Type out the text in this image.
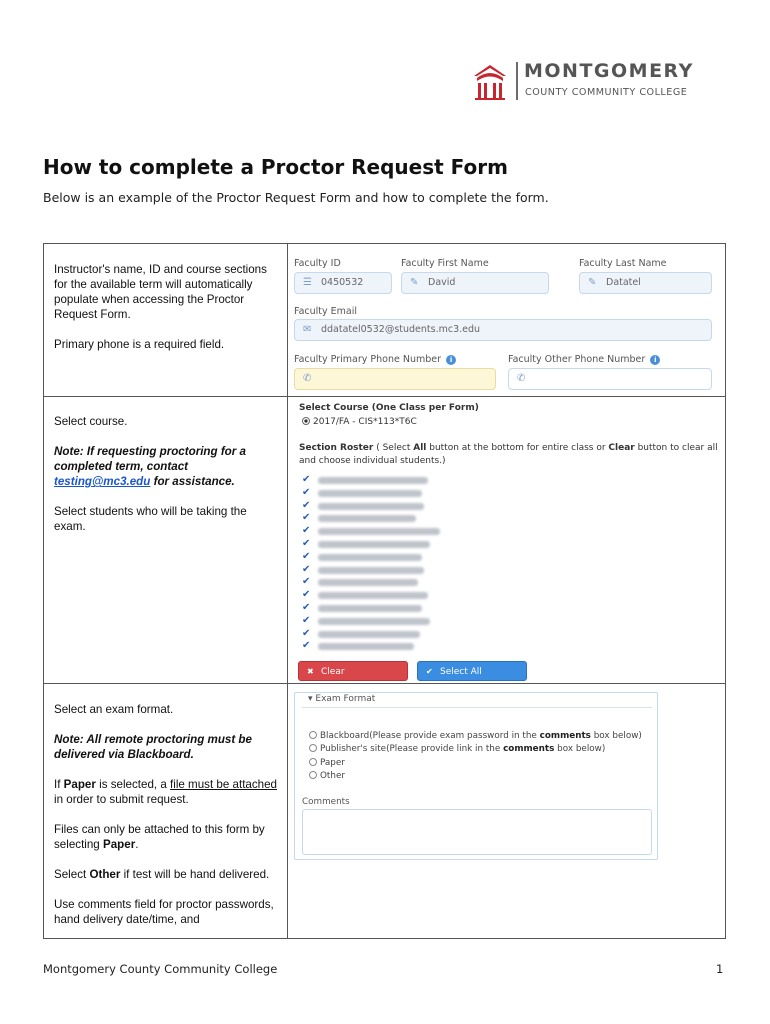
MONTGOMERY
COUNTY COMMUNITY COLLEGE
How to complete a Proctor Request Form
Below is an example of the Proctor Request Form and how to complete the form.

Instructor's name, ID and course sections for the available term will automatically populate when accessing the Proctor Request Form.

Primary phone is a required field.

Select course.

Note: If requesting proctoring for a completed term, contact testing@mc3.edu for assistance.

Select students who will be taking the exam.

Select an exam format.

Note: All remote proctoring must be delivered via Blackboard.

If Paper is selected, a file must be attached in order to submit request.

Files can only be attached to this form by selecting Paper.

Select Other if test will be hand delivered.

Use comments field for proctor passwords, hand delivery date/time, and

Faculty ID
☰ 0450532
Faculty First Name
✎ David
Faculty Last Name
✎ Datatel
Faculty Email
✉ ddatatel0532@students.mc3.edu
Faculty Primary Phone Number i
✆
Faculty Other Phone Number i
✆
Select Course (One Class per Form)
2017/FA - CIS*113*T6C
Section Roster ( Select All button at the bottom for entire class or Clear button to clear all
and choose individual students.)
✔
✔
✔
✔
✔
✔
✔
✔
✔
✔
✔
✔
✔
✔
✖ Clear	✔ Select All
▾ Exam Format
Blackboard(Please provide exam password in the comments box below)
Publisher's site(Please provide link in the comments box below)
Paper
Other
Comments
Montgomery County Community College	1
